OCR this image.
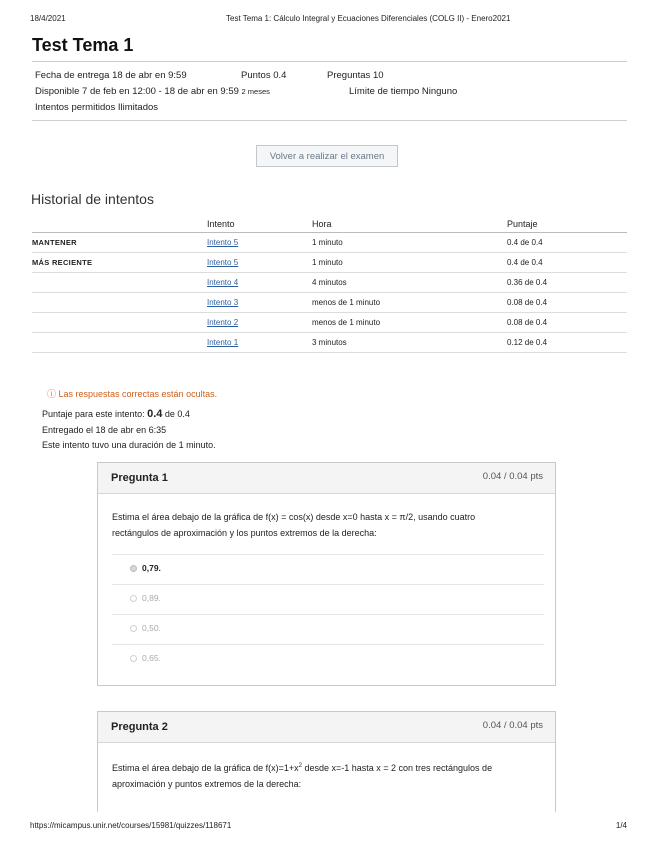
18/4/2021	Test Tema 1: Cálculo Integral y Ecuaciones Diferenciales (COLG II) - Enero2021
Test Tema 1
Fecha de entrega 18 de abr en 9:59	Puntos 0.4	Preguntas 10
Disponible 7 de feb en 12:00 - 18 de abr en 9:59 2 meses	Límite de tiempo Ninguno
Intentos permitidos Ilimitados
Volver a realizar el examen
Historial de intentos
	Intento	Hora	Puntaje
MANTENER	Intento 5	1 minuto	0.4 de 0.4
MÁS RECIENTE	Intento 5	1 minuto	0.4 de 0.4
	Intento 4	4 minutos	0.36 de 0.4
	Intento 3	menos de 1 minuto	0.08 de 0.4
	Intento 2	menos de 1 minuto	0.08 de 0.4
	Intento 1	3 minutos	0.12 de 0.4
ⓘ Las respuestas correctas están ocultas.
Puntaje para este intento: 0.4 de 0.4
Entregado el 18 de abr en 6:35
Este intento tuvo una duración de 1 minuto.
Pregunta 1	0.04 / 0.04 pts
Estima el área debajo de la gráfica de f(x) = cos(x) desde x=0 hasta x = π/2, usando cuatro
rectángulos de aproximación y los puntos extremos de la derecha:
0,79.
0,89.
0,50.
0,65.
Pregunta 2	0.04 / 0.04 pts
Estima el área debajo de la gráfica de $f(x)=1+x^2$ desde x=-1 hasta x = 2 con tres rectángulos de
aproximación y puntos extremos de la derecha:
https://micampus.unir.net/courses/15981/quizzes/118671	1/4
